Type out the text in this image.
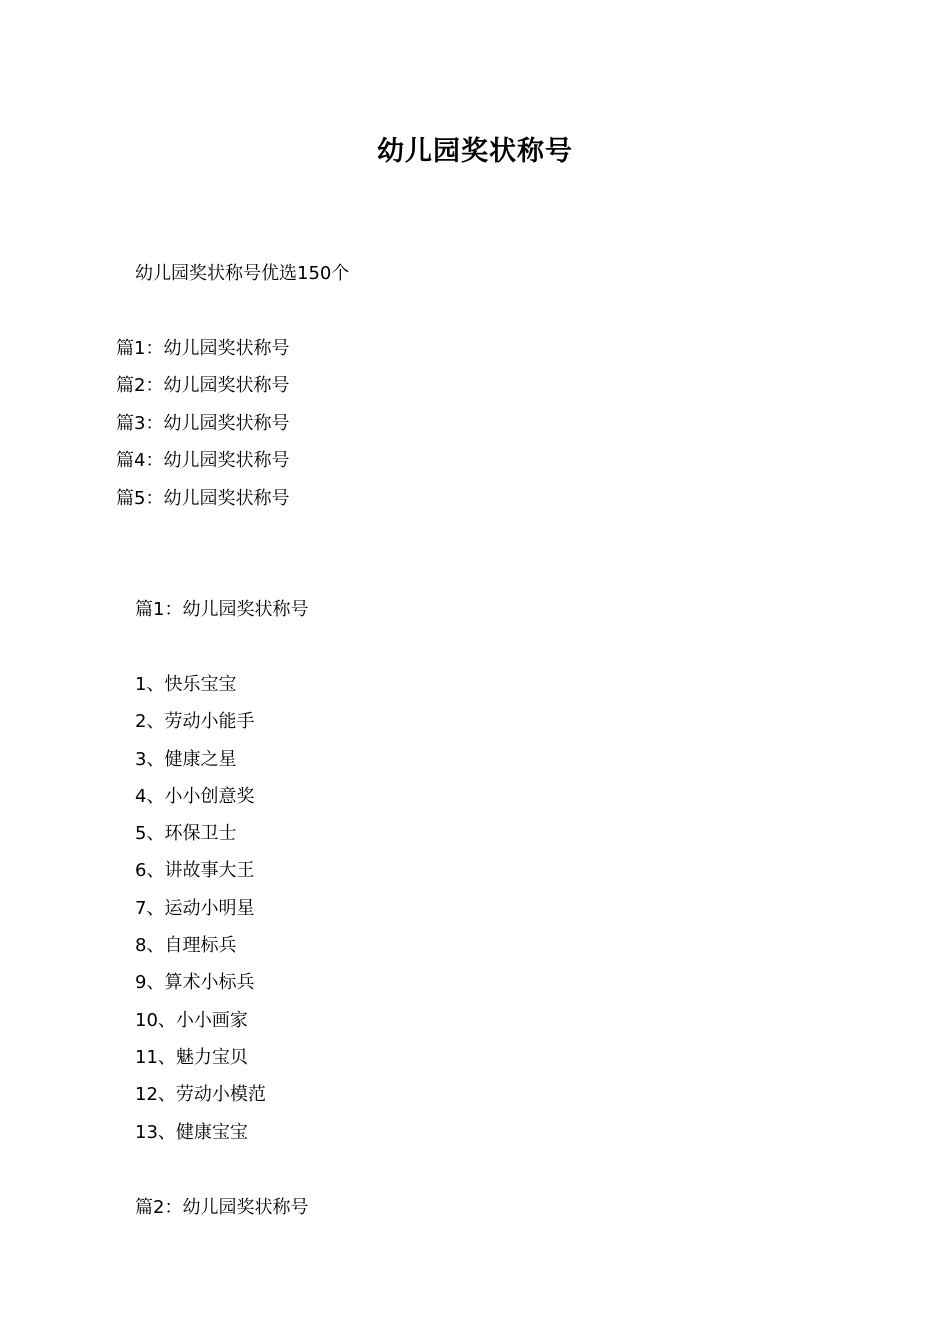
幼儿园奖状称号
幼儿园奖状称号优选150个
篇1：幼儿园奖状称号
篇2：幼儿园奖状称号
篇3：幼儿园奖状称号
篇4：幼儿园奖状称号
篇5：幼儿园奖状称号
篇1：幼儿园奖状称号
1、快乐宝宝
2、劳动小能手
3、健康之星
4、小小创意奖
5、环保卫士
6、讲故事大王
7、运动小明星
8、自理标兵
9、算术小标兵
10、小小画家
11、魅力宝贝
12、劳动小模范
13、健康宝宝
篇2：幼儿园奖状称号
